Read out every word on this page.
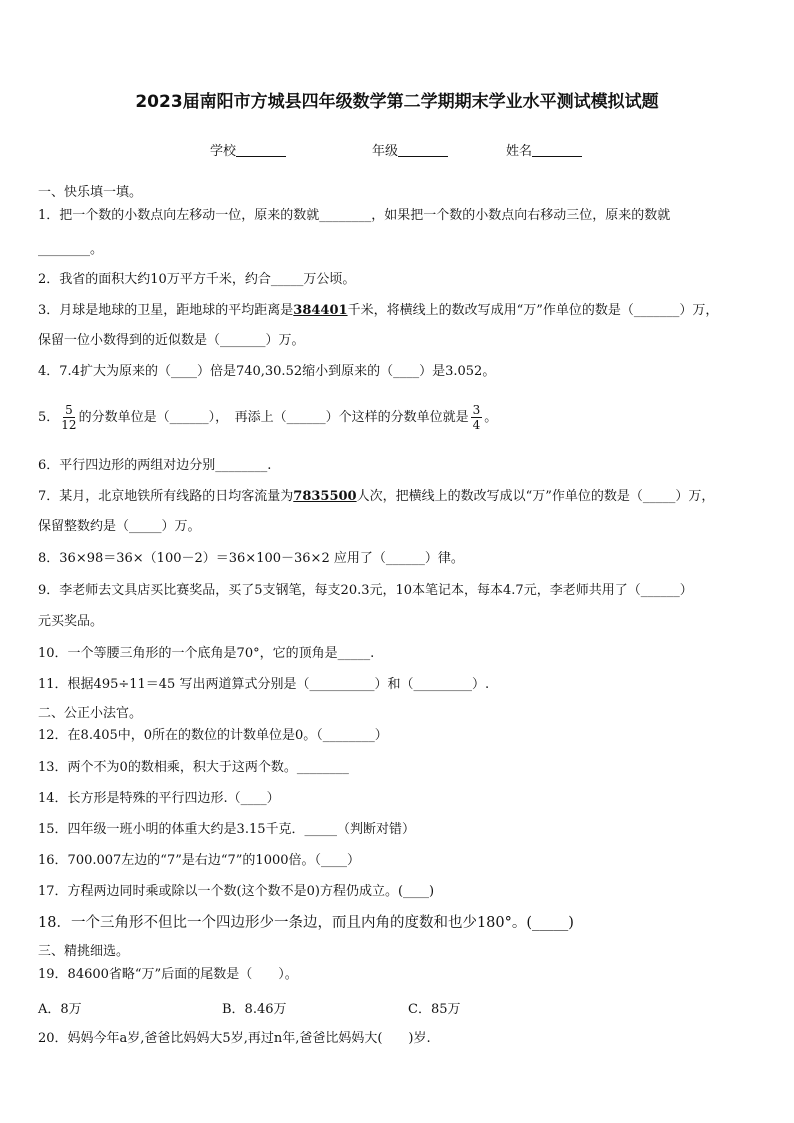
2023届南阳市方城县四年级数学第二学期期末学业水平测试模拟试题
学校	年级	姓名
一、快乐填一填。
1．把一个数的小数点向左移动一位，原来的数就________，如果把一个数的小数点向右移动三位，原来的数就
________。
2．我省的面积大约10万平方千米，约合_____万公顷。
3．月球是地球的卫星，距地球的平均距离是384401千米，将横线上的数改写成用“万”作单位的数是（_______）万，
保留一位小数得到的近似数是（_______）万。
4．7.4扩大为原来的（____）倍是740,30.52缩小到原来的（____）是3.052。
5． $\frac{5}{12}$ 的分数单位是（______），　再添上（______）个这样的分数单位就是 $\frac{3}{4}$ 。
6．平行四边形的两组对边分别________.
7．某月，北京地铁所有线路的日均客流量为7835500人次，把横线上的数改写成以“万”作单位的数是（_____）万，
保留整数约是（_____）万。
8．36×98＝36×（100－2）＝36×100－36×2 应用了（______）律。
9．李老师去文具店买比赛奖品，买了5支钢笔，每支20.3元，10本笔记本，每本4.7元，李老师共用了（______）
元买奖品。
10．一个等腰三角形的一个底角是70°，它的顶角是_____.
11．根据495÷11＝45 写出两道算式分别是（__________）和（_________）.
二、公正小法官。
12．在8.405中，0所在的数位的计数单位是0。（________）
13．两个不为0的数相乘，积大于这两个数。________
14．长方形是特殊的平行四边形.（____）
15．四年级一班小明的体重大约是3.15千克．_____（判断对错）
16．700.007左边的“7”是右边“7”的1000倍。（____）
17．方程两边同时乘或除以一个数(这个数不是0)方程仍成立。(____)
18．一个三角形不但比一个四边形少一条边，而且内角的度数和也少180°。(_____)
三、精挑细选。
19．84600省略“万”后面的尾数是（　　）。
A．8万	B．8.46万	C．85万
20．妈妈今年a岁,爸爸比妈妈大5岁,再过n年,爸爸比妈妈大(　　)岁.
